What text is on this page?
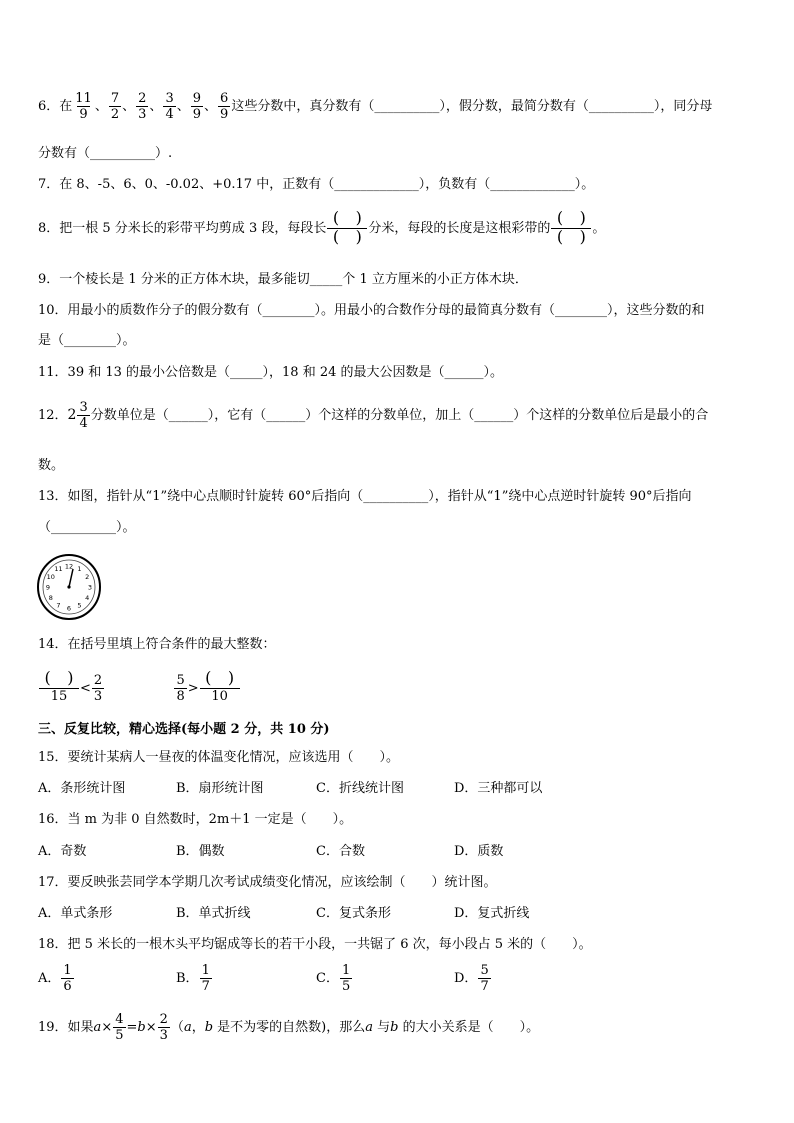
6．在 $\frac{11}{9}$ 、 $\frac{7}{2}$ 、 $\frac{2}{3}$ 、 $\frac{3}{4}$ 、 $\frac{9}{9}$ 、 $\frac{6}{9}$ 这些分数中，真分数有（__________），假分数，最简分数有（__________），同分母
分数有（__________）.
7．在 8、-5、6、0、-0.02、+0.17 中，正数有（_____________），负数有（_____________）。
8．把一根 5 分米长的彩带平均剪成 3 段，每段长 $\frac{( )}{( )}$ 分米，每段的长度是这根彩带的 $\frac{( )}{( )}$ 。
9．一个棱长是 1 分米的正方体木块，最多能切_____个 1 立方厘米的小正方体木块．
10．用最小的质数作分子的假分数有（________）。用最小的合数作分母的最简真分数有（________），这些分数的和
是（________）。
11．39 和 13 的最小公倍数是（_____），18 和 24 的最大公因数是（______）。
12．$2 \frac{3}{4}$ 分数单位是（______），它有（______）个这样的分数单位，加上（______）个这样的分数单位后是最小的合
数。
13．如图，指针从“1”绕中心点顺时针旋转 60°后指向（__________），指针从“1”绕中心点逆时针旋转 90°后指向
（__________）。
12 1
2
3
4
5
6
7
8
9
10
11
14．在括号里填上符合条件的最大整数：
$\frac{( )}{15} < \frac{2}{3}$
	$\frac{5}{8} > \frac{( )}{10}$
三、反复比较，精心选择(每小题 2 分，共 10 分)
15．要统计某病人一昼夜的体温变化情况，应该选用（　　）。
A．条形统计图	B．扇形统计图	C．折线统计图	D．三种都可以
16．当 m 为非 0 自然数时，2m＋1 一定是（　　）。
A．奇数	B．偶数	C．合数	D．质数
17．要反映张芸同学本学期几次考试成绩变化情况，应该绘制（　　）统计图。
A．单式条形	B．单式折线	C．复式条形	D．复式折线
18．把 5 米长的一根木头平均锯成等长的若干小段，一共锯了 6 次，每小段占 5 米的（　　）。
A． $\frac{1}{6}$	B． $\frac{1}{7}$	C． $\frac{1}{5}$	D． $\frac{5}{7}$
19．如果$a\times \frac{4}{5} =b\times \frac{2}{3} (a$，b 是不为零的自然数)，那么a 与b 的大小关系是（　　）。
